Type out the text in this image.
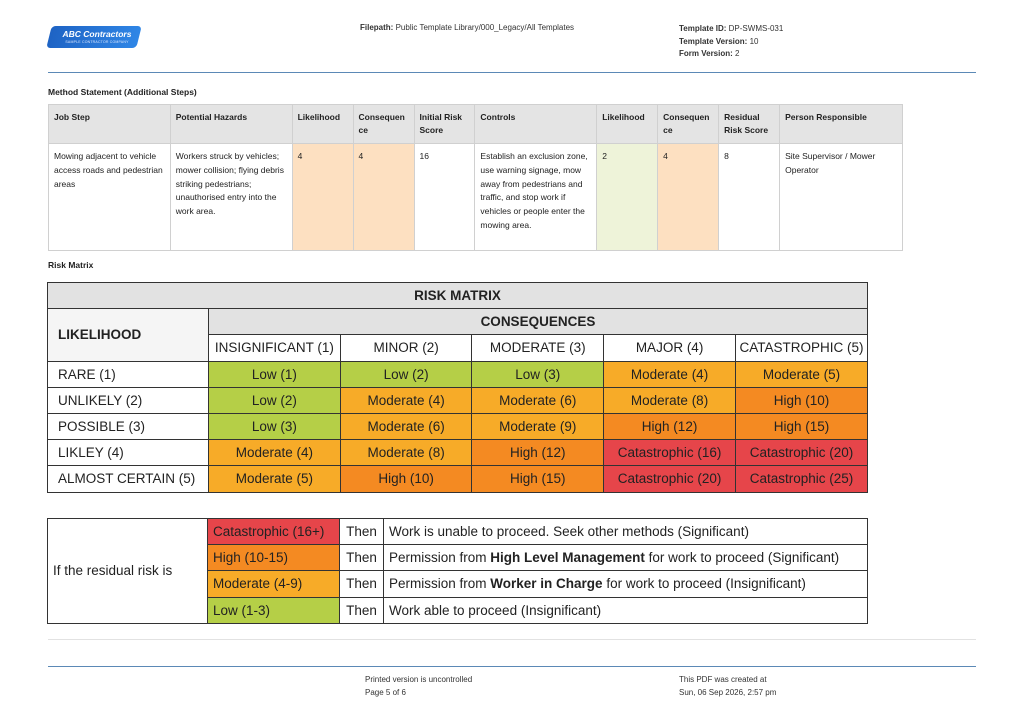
ABC Contractors
SAMPLE CONTRACTOR COMPANY
Filepath: Public Template Library/000_Legacy/All Templates	Template ID: DP-SWMS-031
Template Version: 10
Form Version: 2
Method Statement (Additional Steps)
Job Step	Potential Hazards	Likelihood	Consequen ce	Initial Risk Score	Controls	Likelihood	Consequen ce	Residual Risk Score	Person Responsible
Mowing adjacent to vehicle access roads and pedestrian areas	Workers struck by vehicles; mower collision; flying debris striking pedestrians; unauthorised entry into the work area.	4	4	16	Establish an exclusion zone, use warning signage, mow away from pedestrians and traffic, and stop work if vehicles or people enter the mowing area.	2	4	8	Site Supervisor / Mower Operator
Risk Matrix
RISK MATRIX					
LIKELIHOOD	CONSEQUENCES				
	INSIGNIFICANT (1)	MINOR (2)	MODERATE (3)	MAJOR (4)	CATASTROPHIC (5)
RARE (1)	Low (1)	Low (2)	Low (3)	Moderate (4)	Moderate (5)
UNLIKELY (2)	Low (2)	Moderate (4)	Moderate (6)	Moderate (8)	High (10)
POSSIBLE (3)	Low (3)	Moderate (6)	Moderate (9)	High (12)	High (15)
LIKLEY (4)	Moderate (4)	Moderate (8)	High (12)	Catastrophic (16)	Catastrophic (20)
ALMOST CERTAIN (5)	Moderate (5)	High (10)	High (15)	Catastrophic (20)	Catastrophic (25)
If the residual risk is	Catastrophic (16+)	Then	Work is unable to proceed. Seek other methods (Significant)
	High (10-15)	Then	Permission from High Level Management for work to proceed (Significant)
	Moderate (4-9)	Then	Permission from Worker in Charge for work to proceed (Insignificant)
	Low (1-3)	Then	Work able to proceed (Insignificant)
Printed version is uncontrolled
Page 5 of 6
This PDF was created at
Sun, 06 Sep 2026, 2:57 pm
